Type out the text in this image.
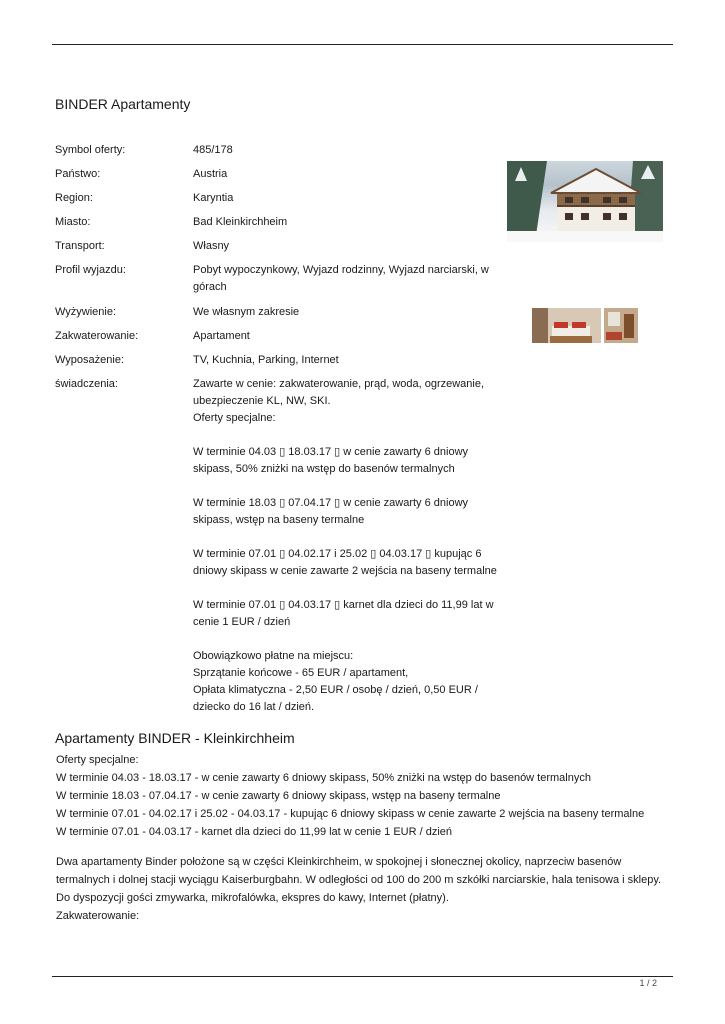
BINDER Apartamenty
Symbol oferty:	485/178

Państwo:	Austria

Region:	Karyntia

Miasto:	Bad Kleinkirchheim

Transport:	Własny

Profil wyjazdu:	Pobyt wypoczynkowy, Wyjazd rodzinny, Wyjazd narciarski, w

górach

Wyżywienie:	We własnym zakresie

Zakwaterowanie:	Apartament

Wyposażenie:	TV, Kuchnia, Parking, Internet

świadczenia:	Zawarte w cenie: zakwaterowanie, prąd, woda, ogrzewanie,

ubezpieczenie KL, NW, SKI.

Oferty specjalne:

W terminie 04.03 ▯ 18.03.17 ▯ w cenie zawarty 6 dniowy

skipass, 50% zniżki na wstęp do basenów termalnych

W terminie 18.03 ▯ 07.04.17 ▯ w cenie zawarty 6 dniowy

skipass, wstęp na baseny termalne

W terminie 07.01 ▯ 04.02.17 i 25.02 ▯ 04.03.17 ▯ kupując 6

dniowy skipass w cenie zawarte 2 wejścia na baseny termalne

W terminie 07.01 ▯ 04.03.17 ▯ karnet dla dzieci do 11,99 lat w

cenie 1 EUR / dzień

Obowiązkowo płatne na miejscu:

Sprzątanie końcowe - 65 EUR / apartament,

Opłata klimatyczna - 2,50 EUR / osobę / dzień, 0,50 EUR /

dziecko do 16 lat / dzień.

Apartamenty BINDER - Kleinkirchheim

Oferty specjalne:

W terminie 04.03 - 18.03.17 - w cenie zawarty 6 dniowy skipass, 50% zniżki na wstęp do basenów termalnych

W terminie 18.03 - 07.04.17 - w cenie zawarty 6 dniowy skipass, wstęp na baseny termalne

W terminie 07.01 - 04.02.17 i 25.02 - 04.03.17 - kupując 6 dniowy skipass w cenie zawarte 2 wejścia na baseny termalne

W terminie 07.01 - 04.03.17 - karnet dla dzieci do 11,99 lat w cenie 1 EUR / dzień

Dwa apartamenty Binder położone są w części Kleinkirchheim, w spokojnej i słonecznej okolicy, naprzeciw basenów

termalnych i dolnej stacji wyciągu Kaiserburgbahn. W odległości od 100 do 200 m szkółki narciarskie, hala tenisowa i sklepy.

Do dyspozycji gości zmywarka, mikrofalówka, ekspres do kawy, Internet (płatny).

Zakwaterowanie:

1 / 2
